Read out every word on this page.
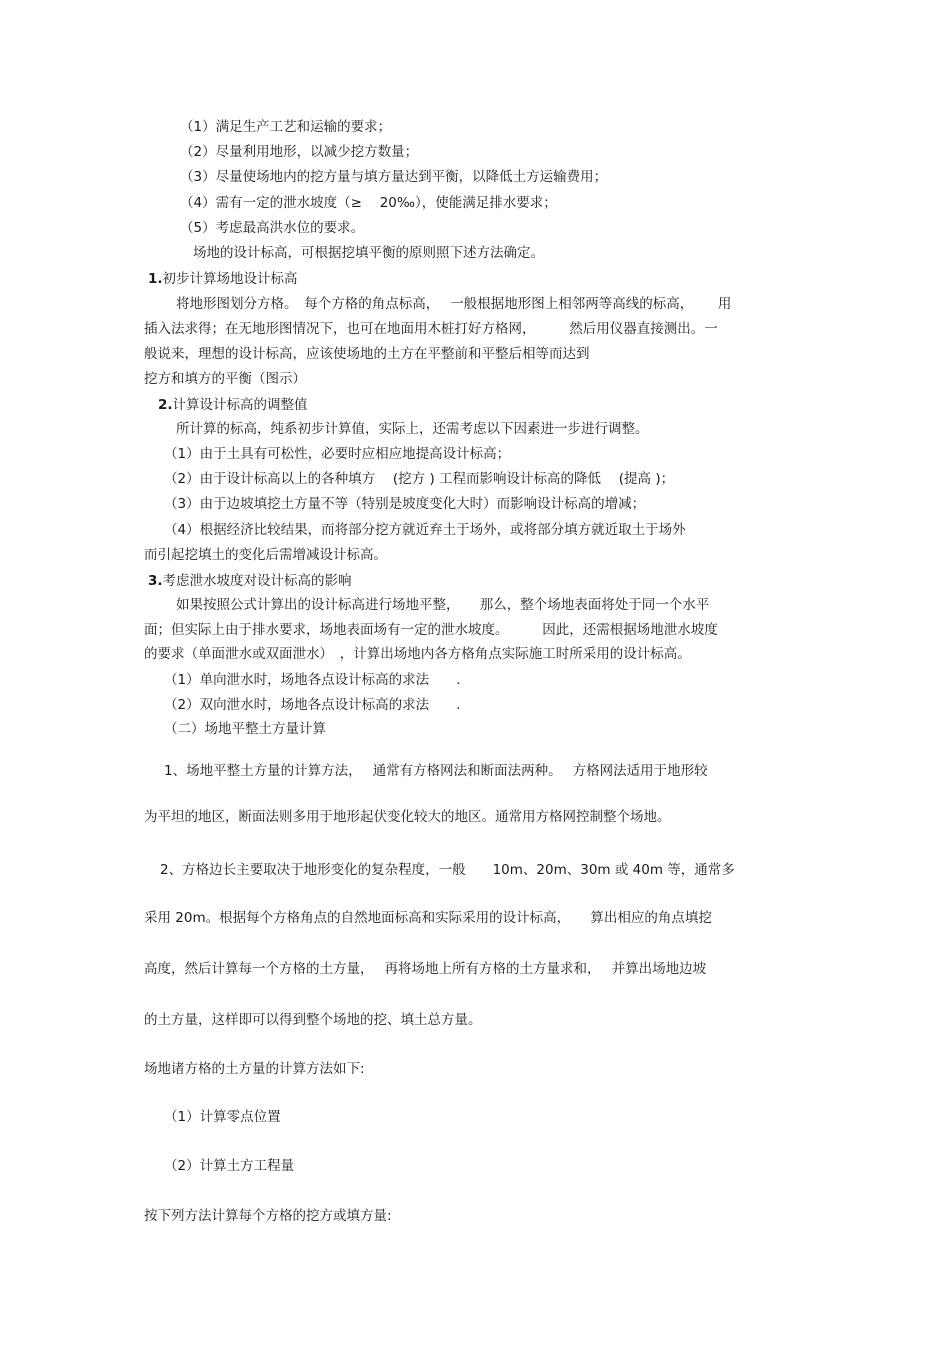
（1）满足生产工艺和运输的要求；
（2）尽量利用地形，以减少挖方数量；
（3）尽量使场地内的挖方量与填方量达到平衡，以降低土方运输费用；
（4）需有一定的泄水坡度（≥　 20‰），使能满足排水要求；
（5）考虑最高洪水位的要求。
场地的设计标高，可根据挖填平衡的原则照下述方法确定。
1.初步计算场地设计标高
将地形图划分方格。　每个方格的角点标高，　 一般根据地形图上相邻两等高线的标高，　　 用
插入法求得；在无地形图情况下，也可在地面用木桩打好方格网，　　　然后用仪器直接测出。一
般说来，理想的设计标高，应该使场地的土方在平整前和平整后相等而达到
挖方和填方的平衡（图示）
2.计算设计标高的调整值
所计算的标高，纯系初步计算值，实际上，还需考虑以下因素进一步进行调整。
（1）由于土具有可松性，必要时应相应地提高设计标高；
（2）由于设计标高以上的各种填方　 (挖方 ) 工程而影响设计标高的降低　 (提高 )；
（3）由于边坡填挖土方量不等（特别是坡度变化大时）而影响设计标高的增减；
（4）根据经济比较结果，而将部分挖方就近弃土于场外，或将部分填方就近取土于场外
而引起挖填土的变化后需增减设计标高。
3.考虑泄水坡度对设计标高的影响
如果按照公式计算出的设计标高进行场地平整，　　那么，整个场地表面将处于同一个水平
面；但实际上由于排水要求，场地表面场有一定的泄水坡度。　　　因此，还需根据场地泄水坡度
的要求（单面泄水或双面泄水）　，计算出场地内各方格角点实际施工时所采用的设计标高。
（1）单向泄水时，场地各点设计标高的求法　　.
（2）双向泄水时，场地各点设计标高的求法　　.
（二）场地平整土方量计算
1、场地平整土方量的计算方法，　 通常有方格网法和断面法两种。　 方格网法适用于地形较
为平坦的地区，断面法则多用于地形起伏变化较大的地区。通常用方格网控制整个场地。
2、方格边长主要取决于地形变化的复杂程度，一般　　10m、20m、30m 或 40m 等，通常多
采用 20m。根据每个方格角点的自然地面标高和实际采用的设计标高，　　算出相应的角点填挖
高度，然后计算每一个方格的土方量，　 再将场地上所有方格的土方量求和，　 并算出场地边坡
的土方量，这样即可以得到整个场地的挖、填土总方量。
场地诸方格的土方量的计算方法如下:
（1）计算零点位置
（2）计算土方工程量
按下列方法计算每个方格的挖方或填方量:
